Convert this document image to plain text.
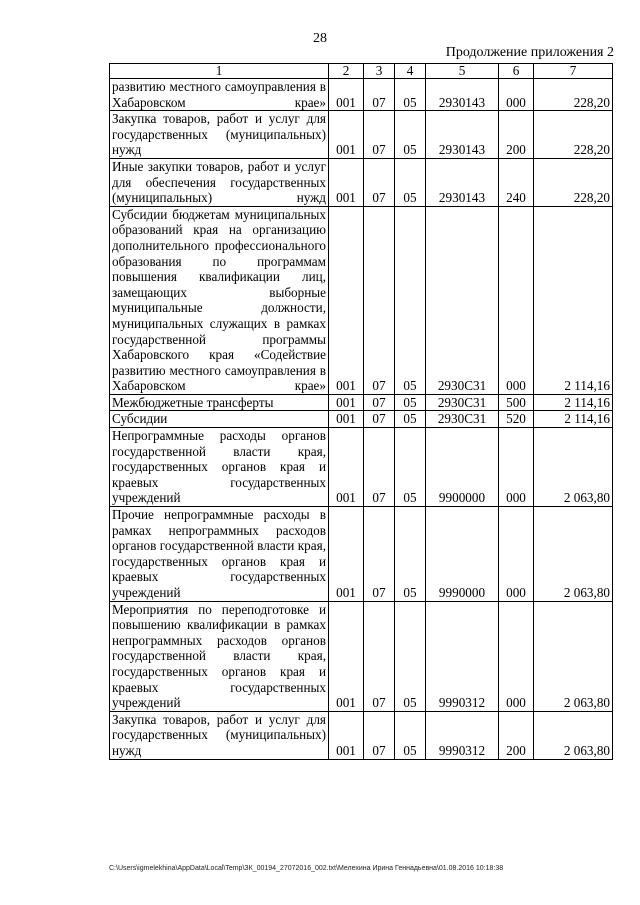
28
Продолжение приложения 2
1	2	3	4	5	6	7
развитию местного самоуправления в Хабаровском крае»	001	07	05	2930143	000	228,20
Закупка товаров, работ и услуг для государственных (муниципальных) нужд	001	07	05	2930143	200	228,20
Иные закупки товаров, работ и услуг для обеспечения государственных (муниципальных) нужд	001	07	05	2930143	240	228,20
Субсидии бюджетам муниципальных образований края на организацию дополнительного профессионального образования по программам повышения квалификации лиц, замещающих выборные муниципальные должности, муниципальных служащих в рамках государственной программы Хабаровского края «Содействие развитию местного самоуправления в Хабаровском крае»	001	07	05	2930С31	000	2 114,16
Межбюджетные трансферты	001	07	05	2930С31	500	2 114,16
Субсидии	001	07	05	2930С31	520	2 114,16
Непрограммные расходы органов государственной власти края, государственных органов края и краевых государственных учреждений	001	07	05	9900000	000	2 063,80
Прочие непрограммные расходы в рамках непрограммных расходов органов государственной власти края, государственных органов края и краевых государственных учреждений	001	07	05	9990000	000	2 063,80
Мероприятия по переподготовке и повышению квалификации в рамках непрограммных расходов органов государственной власти края, государственных органов края и краевых государственных учреждений	001	07	05	9990312	000	2 063,80
Закупка товаров, работ и услуг для государственных (муниципальных) нужд	001	07	05	9990312	200	2 063,80
C:\Users\igmelekhina\AppData\Local\Temp\ЗК_00194_27072016_002.txt\Мелехина Ирина Геннадьевна\01.08.2016 10:18:38
